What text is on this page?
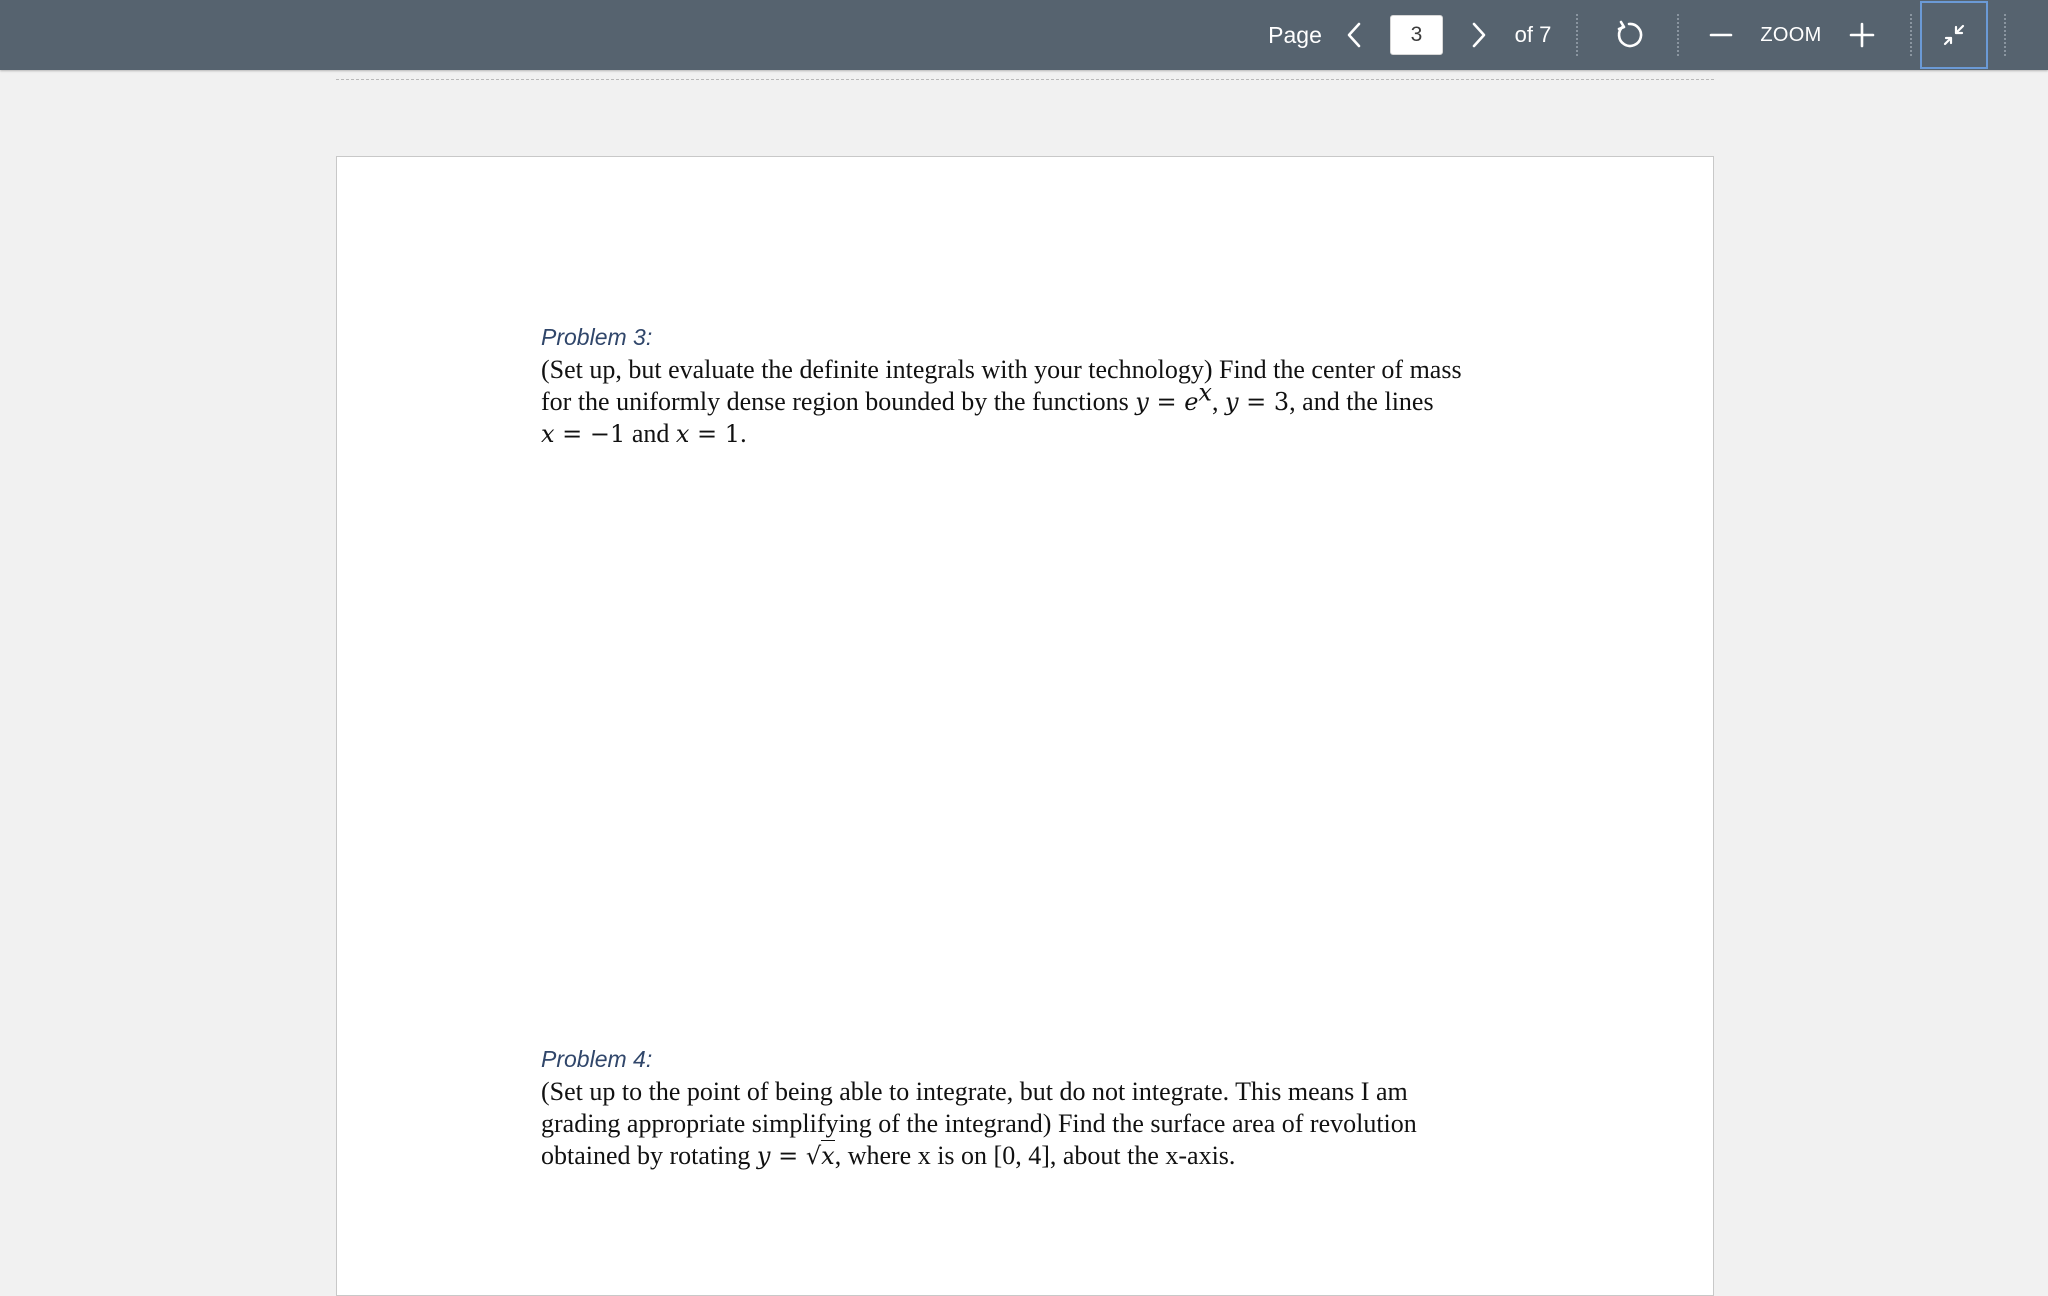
Page
3	of 7	ZOOM
Problem 3:
(Set up, but evaluate the definite integrals with your technology) Find the center of mass
for the uniformly dense region bounded by the functions $y = e^x$, y = 3, and the lines
x = −1 and x = 1.
Problem 4:
(Set up to the point of being able to integrate, but do not integrate. This means I am
grading appropriate simplifying of the integrand) Find the surface area of revolution
obtained by rotating y = √x, where x is on [0, 4], about the x-axis.
